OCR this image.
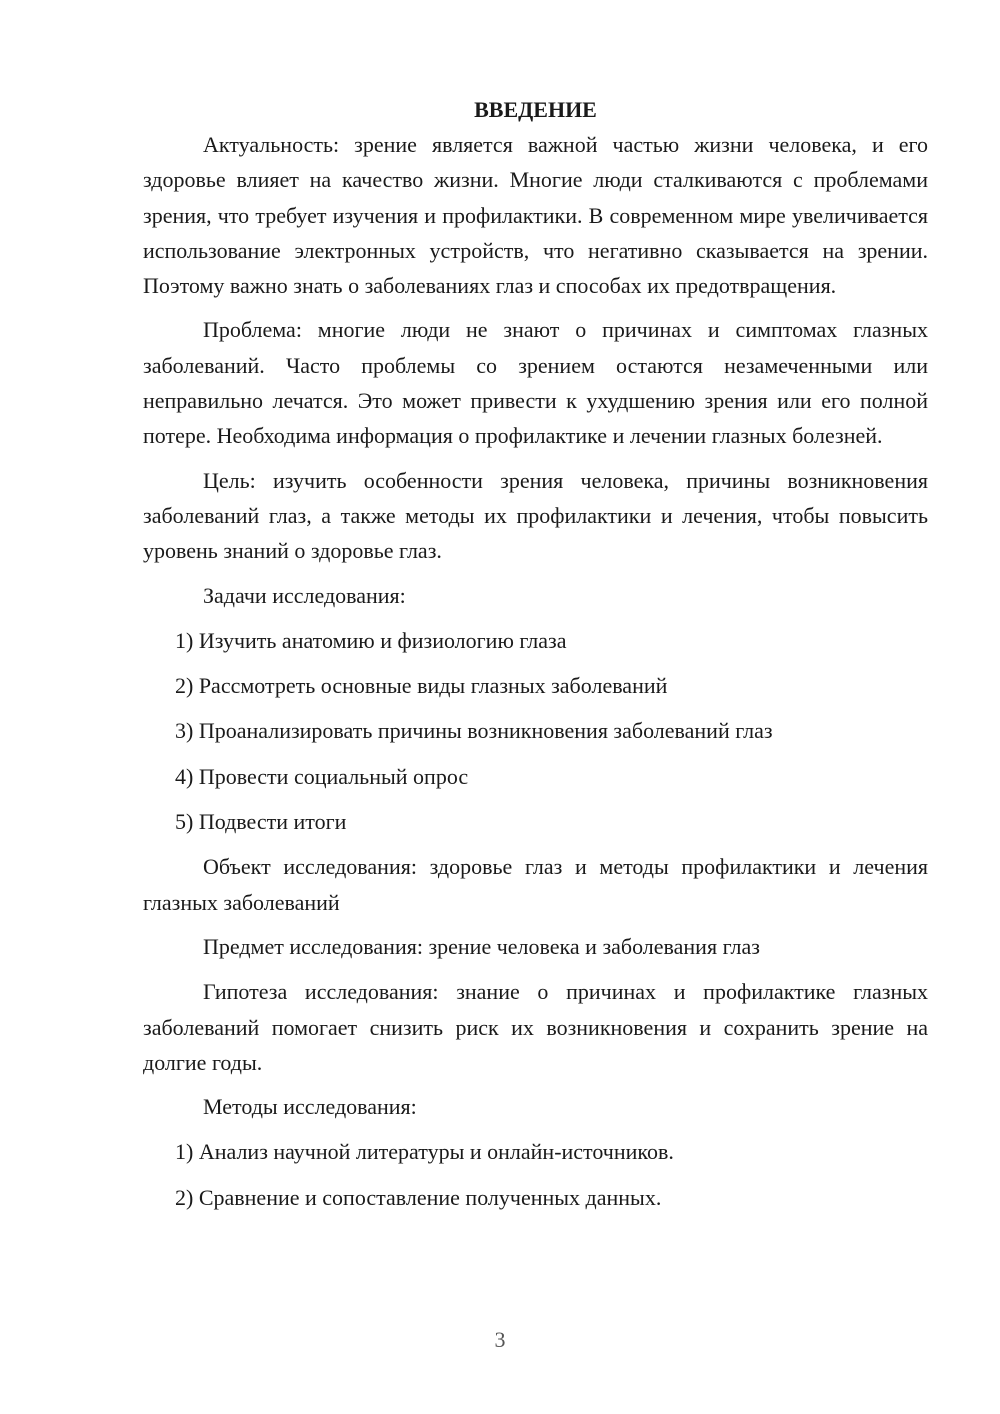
ВВЕДЕНИЕ

Актуальность: зрение является важной частью жизни человека, и его здоровье влияет на качество жизни. Многие люди сталкиваются с проблемами зрения, что требует изучения и профилактики. В современном мире увеличивается использование электронных устройств, что негативно сказывается на зрении. Поэтому важно знать о заболеваниях глаз и способах их предотвращения.

Проблема: многие люди не знают о причинах и симптомах глазных заболеваний. Часто проблемы со зрением остаются незамеченными или неправильно лечатся. Это может привести к ухудшению зрения или его полной потере. Необходима информация о профилактике и лечении глазных болезней.

Цель: изучить особенности зрения человека, причины возникновения заболеваний глаз, а также методы их профилактики и лечения, чтобы повысить уровень знаний о здоровье глаз.

Задачи исследования:

1) Изучить анатомию и физиологию глаза
2) Рассмотреть основные виды глазных заболеваний
3) Проанализировать причины возникновения заболеваний глаз
4) Провести социальный опрос
5) Подвести итоги

Объект исследования: здоровье глаз и методы профилактики и лечения глазных заболеваний

Предмет исследования: зрение человека и заболевания глаз

Гипотеза исследования: знание о причинах и профилактике глазных заболеваний помогает снизить риск их возникновения и сохранить зрение на долгие годы.

Методы исследования:

1) Анализ научной литературы и онлайн-источников.
2) Сравнение и сопоставление полученных данных.
3
